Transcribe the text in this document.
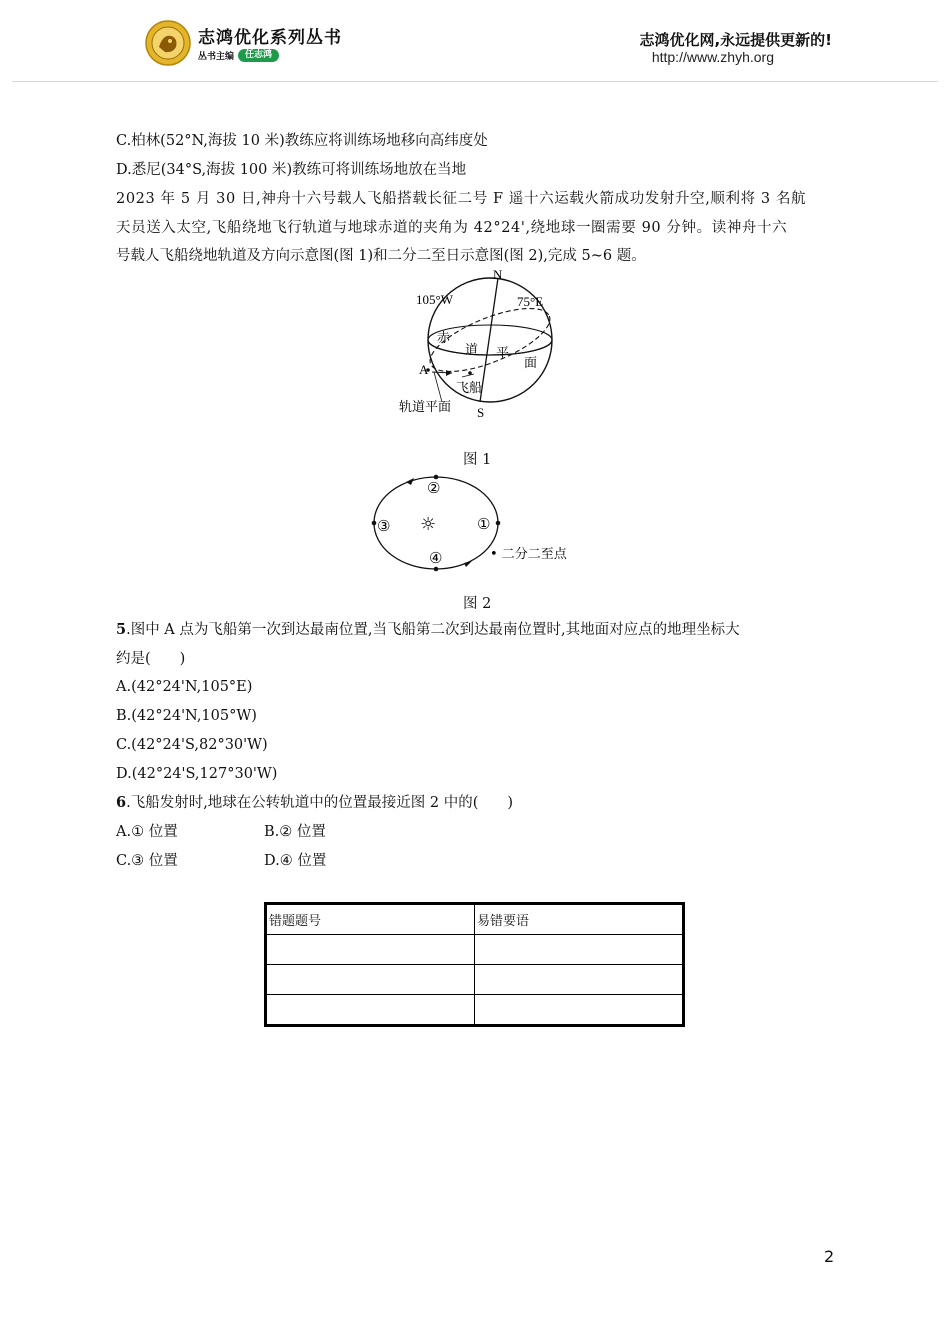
志鸿优化系列丛书
丛书主编	任志鸿
志鸿优化网,永远提供更新的!
http://www.zhyh.org
C.柏林(52°N,海拔 10 米)教练应将训练场地移向高纬度处
D.悉尼(34°S,海拔 100 米)教练可将训练场地放在当地
2023 年 5 月 30 日,神舟十六号载人飞船搭载长征二号 F 遥十六运载火箭成功发射升空,顺利将 3 名航
天员送入太空,飞船绕地飞行轨道与地球赤道的夹角为 42°24',绕地球一圈需要 90 分钟。读神舟十六
号载人飞船绕地轨道及方向示意图(图 1)和二分二至日示意图(图 2),完成 5~6 题。
N
S
105°W	75°E
A
赤
道 平
面
飞船
轨道平面
图 1
②
③	①
④
☼
• 二分二至点
图 2
5.图中 A 点为飞船第一次到达最南位置,当飞船第二次到达最南位置时,其地面对应点的地理坐标大
约是(　　)
A.(42°24'N,105°E)
B.(42°24'N,105°W)
C.(42°24'S,82°30'W)
D.(42°24'S,127°30'W)
6.飞船发射时,地球在公转轨道中的位置最接近图 2 中的(　　)
A.① 位置	B.② 位置
C.③ 位置	D.④ 位置
错题题号	易错要语

2
